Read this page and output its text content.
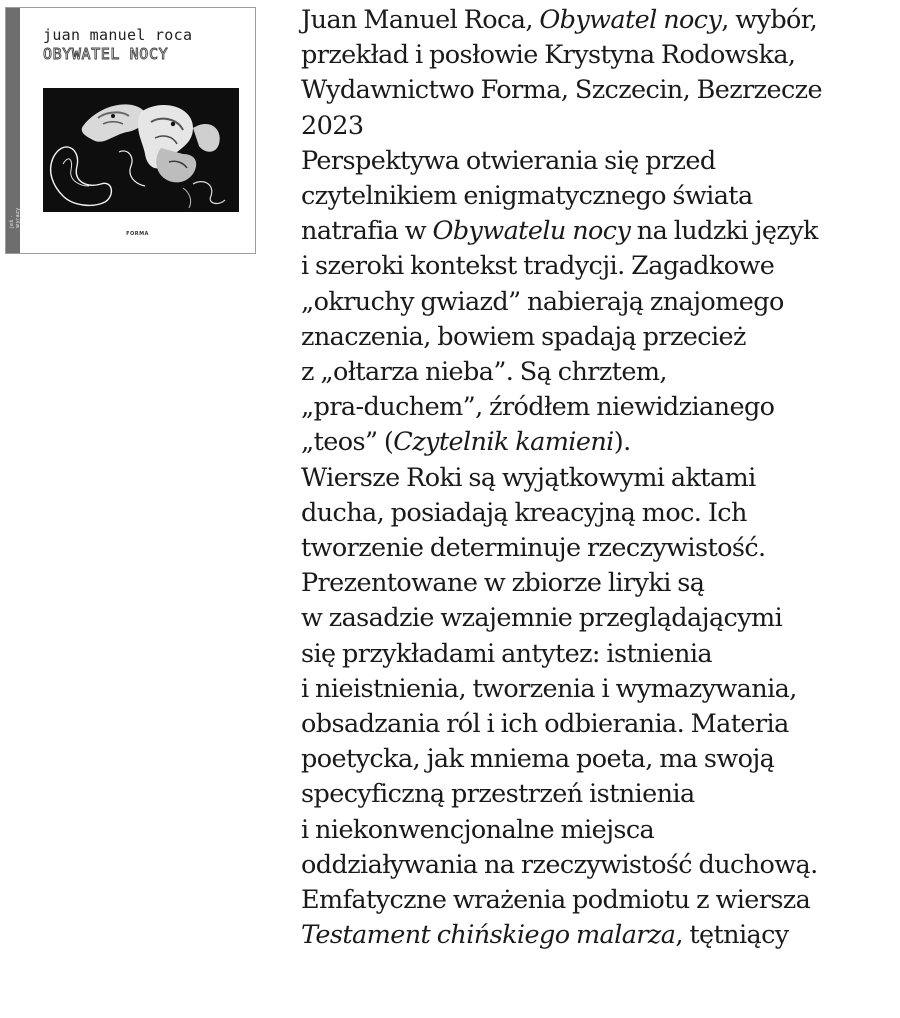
jeŝ · wyrazy
juan manuel roca
OBYWATEL NOCY
FORMA
Juan Manuel Roca, Obywatel nocy, wybór,
przekład i posłowie Krystyna Rodowska,
Wydawnictwo Forma, Szczecin, Bezrzecze
2023
Perspektywa otwierania się przed
czytelnikiem enigmatycznego świata
natrafia w Obywatelu nocy na ludzki język
i szeroki kontekst tradycji. Zagadkowe
„okruchy gwiazd” nabierają znajomego
znaczenia, bowiem spadają przecież
z „ołtarza nieba”. Są chrztem,
„pra-duchem”, źródłem niewidzianego
„teos” (Czytelnik kamieni).
Wiersze Roki są wyjątkowymi aktami
ducha, posiadają kreacyjną moc. Ich
tworzenie determinuje rzeczywistość.
Prezentowane w zbiorze liryki są
w zasadzie wzajemnie przeglądającymi
się przykładami antytez: istnienia
i nieistnienia, tworzenia i wymazywania,
obsadzania ról i ich odbierania. Materia
poetycka, jak mniema poeta, ma swoją
specyficzną przestrzeń istnienia
i niekonwencjonalne miejsca
oddziaływania na rzeczywistość duchową.
Emfatyczne wrażenia podmiotu z wiersza
Testament chińskiego malarza, tętniący
